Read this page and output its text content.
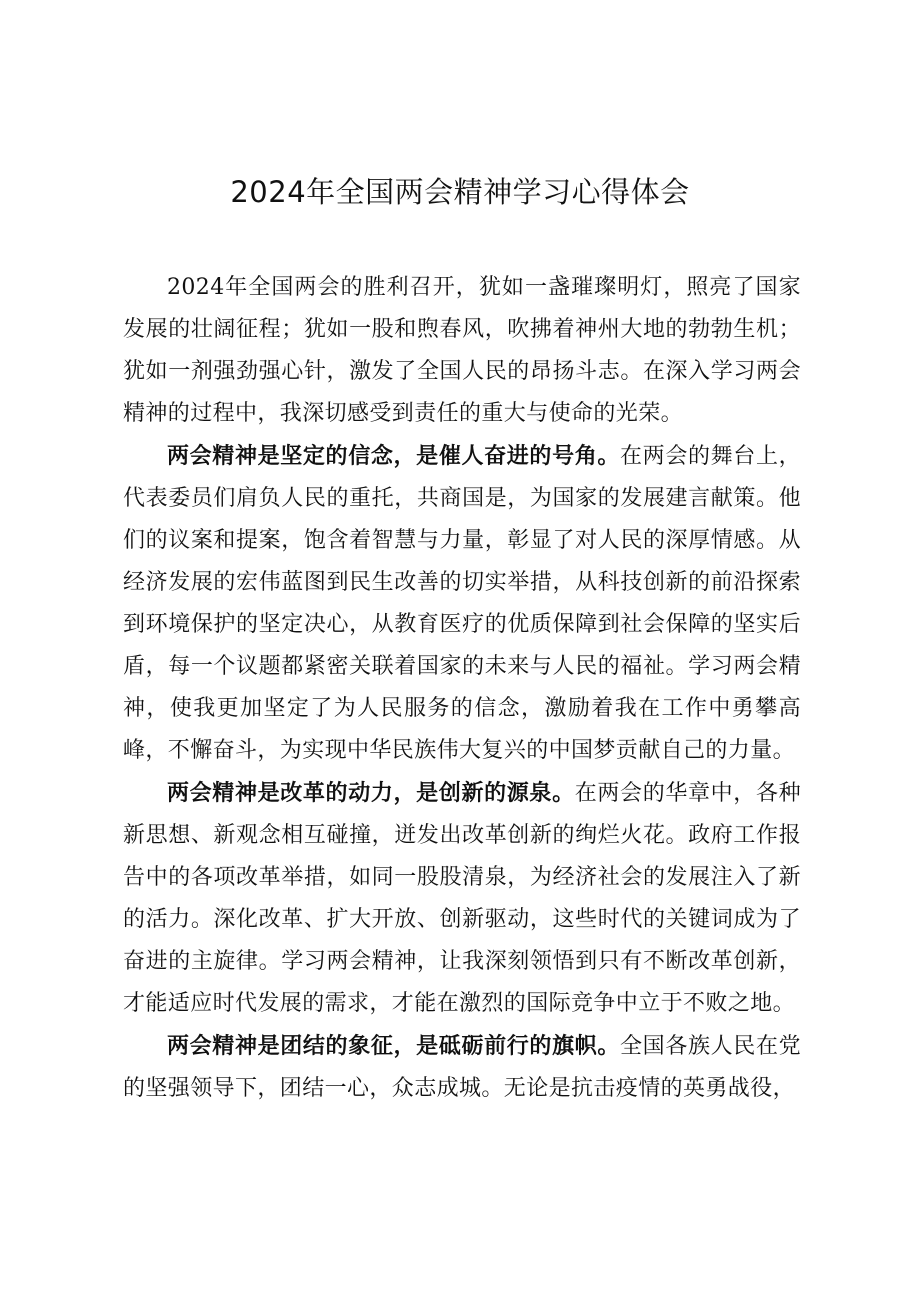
2024年全国两会精神学习心得体会

2024年全国两会的胜利召开，犹如一盏璀璨明灯，照亮了国家发展的壮阔征程；犹如一股和煦春风，吹拂着神州大地的勃勃生机；犹如一剂强劲强心针，激发了全国人民的昂扬斗志。在深入学习两会精神的过程中，我深切感受到责任的重大与使命的光荣。

两会精神是坚定的信念，是催人奋进的号角。在两会的舞台上，代表委员们肩负人民的重托，共商国是，为国家的发展建言献策。他们的议案和提案，饱含着智慧与力量，彰显了对人民的深厚情感。从经济发展的宏伟蓝图到民生改善的切实举措，从科技创新的前沿探索到环境保护的坚定决心，从教育医疗的优质保障到社会保障的坚实后盾，每一个议题都紧密关联着国家的未来与人民的福祉。学习两会精神，使我更加坚定了为人民服务的信念，激励着我在工作中勇攀高峰，不懈奋斗，为实现中华民族伟大复兴的中国梦贡献自己的力量。

两会精神是改革的动力，是创新的源泉。在两会的华章中，各种新思想、新观念相互碰撞，迸发出改革创新的绚烂火花。政府工作报告中的各项改革举措，如同一股股清泉，为经济社会的发展注入了新的活力。深化改革、扩大开放、创新驱动，这些时代的关键词成为了奋进的主旋律。学习两会精神，让我深刻领悟到只有不断改革创新，才能适应时代发展的需求，才能在激烈的国际竞争中立于不败之地。

两会精神是团结的象征，是砥砺前行的旗帜。全国各族人民在党的坚强领导下，团结一心，众志成城。无论是抗击疫情的英勇战役，
